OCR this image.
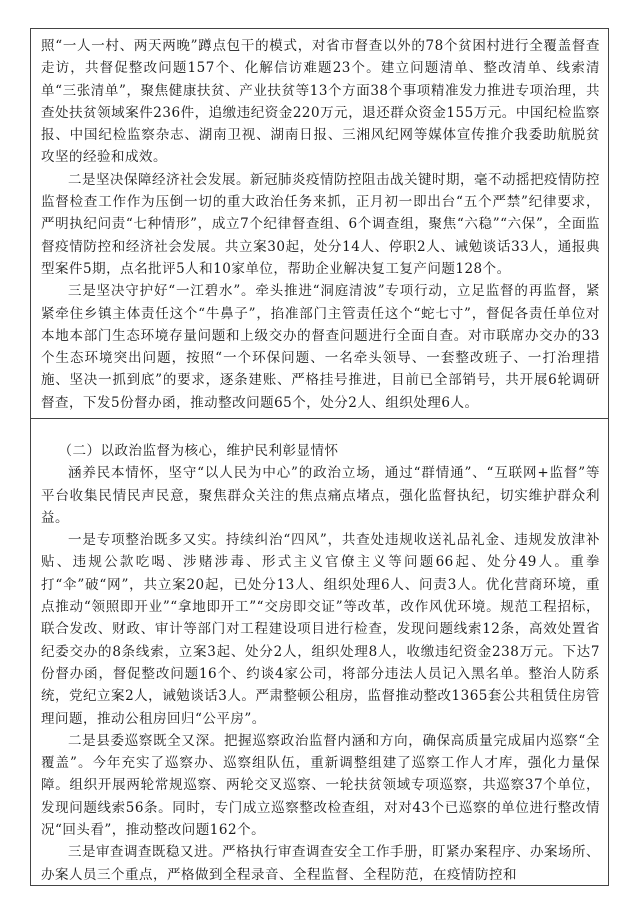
照“一人一村、两天两晚”蹲点包干的模式，对省市督查以外的78个贫困村进行全覆盖督查走访，共督促整改问题157个、化解信访难题23个。建立问题清单、整改清单、线索清单“三张清单”，聚焦健康扶贫、产业扶贫等13个方面38个事项精准发力推进专项治理，共查处扶贫领域案件236件，追缴违纪资金220万元，退还群众资金155万元。中国纪检监察报、中国纪检监察杂志、湖南卫视、湖南日报、三湘风纪网等媒体宣传推介我委助航脱贫攻坚的经验和成效。

二是坚决保障经济社会发展。新冠肺炎疫情防控阻击战关键时期，毫不动摇把疫情防控监督检查工作作为压倒一切的重大政治任务来抓，正月初一即出台“五个严禁”纪律要求，严明执纪问责“七种情形”，成立7个纪律督查组、6个调查组，聚焦“六稳”“六保”，全面监督疫情防控和经济社会发展。共立案30起，处分14人、停职2人、诫勉谈话33人，通报典型案件5期，点名批评5人和10家单位，帮助企业解决复工复产问题128个。

三是坚决守护好“一江碧水”。牵头推进“洞庭清波”专项行动，立足监督的再监督，紧紧牵住乡镇主体责任这个“牛鼻子”，掐准部门主管责任这个“蛇七寸”，督促各责任单位对本地本部门生态环境存量问题和上级交办的督查问题进行全面自查。对市联席办交办的33个生态环境突出问题，按照“一个环保问题、一名牵头领导、一套整改班子、一打治理措施、坚决一抓到底”的要求，逐条建账、严格挂号推进，目前已全部销号，共开展6轮调研督查，下发5份督办函，推动整改问题65个，处分2人、组织处理6人。

（二）以政治监督为核心，维护民利彰显情怀

涵养民本情怀，坚守“以人民为中心”的政治立场，通过“群情通”、“互联网+监督”等平台收集民情民声民意，聚焦群众关注的焦点痛点堵点，强化监督执纪，切实维护群众利益。

一是专项整治既多又实。持续纠治“四风”，共查处违规收送礼品礼金、违规发放津补贴、违规公款吃喝、涉赌涉毒、形式主义官僚主义等问题66起、处分49人。重拳打“伞”破“网”，共立案20起，已处分13人、组织处理6人、问责3人。优化营商环境，重点推动“领照即开业”“拿地即开工”“交房即交证”等改革，改作风优环境。规范工程招标，联合发改、财政、审计等部门对工程建设项目进行检查，发现问题线索12条，高效处置省纪委交办的8条线索，立案3起、处分2人，组织处理8人，收缴违纪资金238万元。下达7份督办函，督促整改问题16个、约谈4家公司，将部分违法人员记入黑名单。整治人防系统，党纪立案2人，诫勉谈话3人。严肃整顿公租房，监督推动整改1365套公共租赁住房管理问题，推动公租房回归“公平房”。

二是县委巡察既全又深。把握巡察政治监督内涵和方向，确保高质量完成届内巡察“全覆盖”。今年充实了巡察办、巡察组队伍，重新调整组建了巡察工作人才库，强化力量保障。组织开展两轮常规巡察、两轮交叉巡察、一轮扶贫领域专项巡察，共巡察37个单位，发现问题线索56条。同时，专门成立巡察整改检查组，对对43个已巡察的单位进行整改情况“回头看”，推动整改问题162个。

三是审查调查既稳又进。严格执行审查调查安全工作手册，盯紧办案程序、办案场所、办案人员三个重点，严格做到全程录音、全程监督、全程防范，在疫情防控和
